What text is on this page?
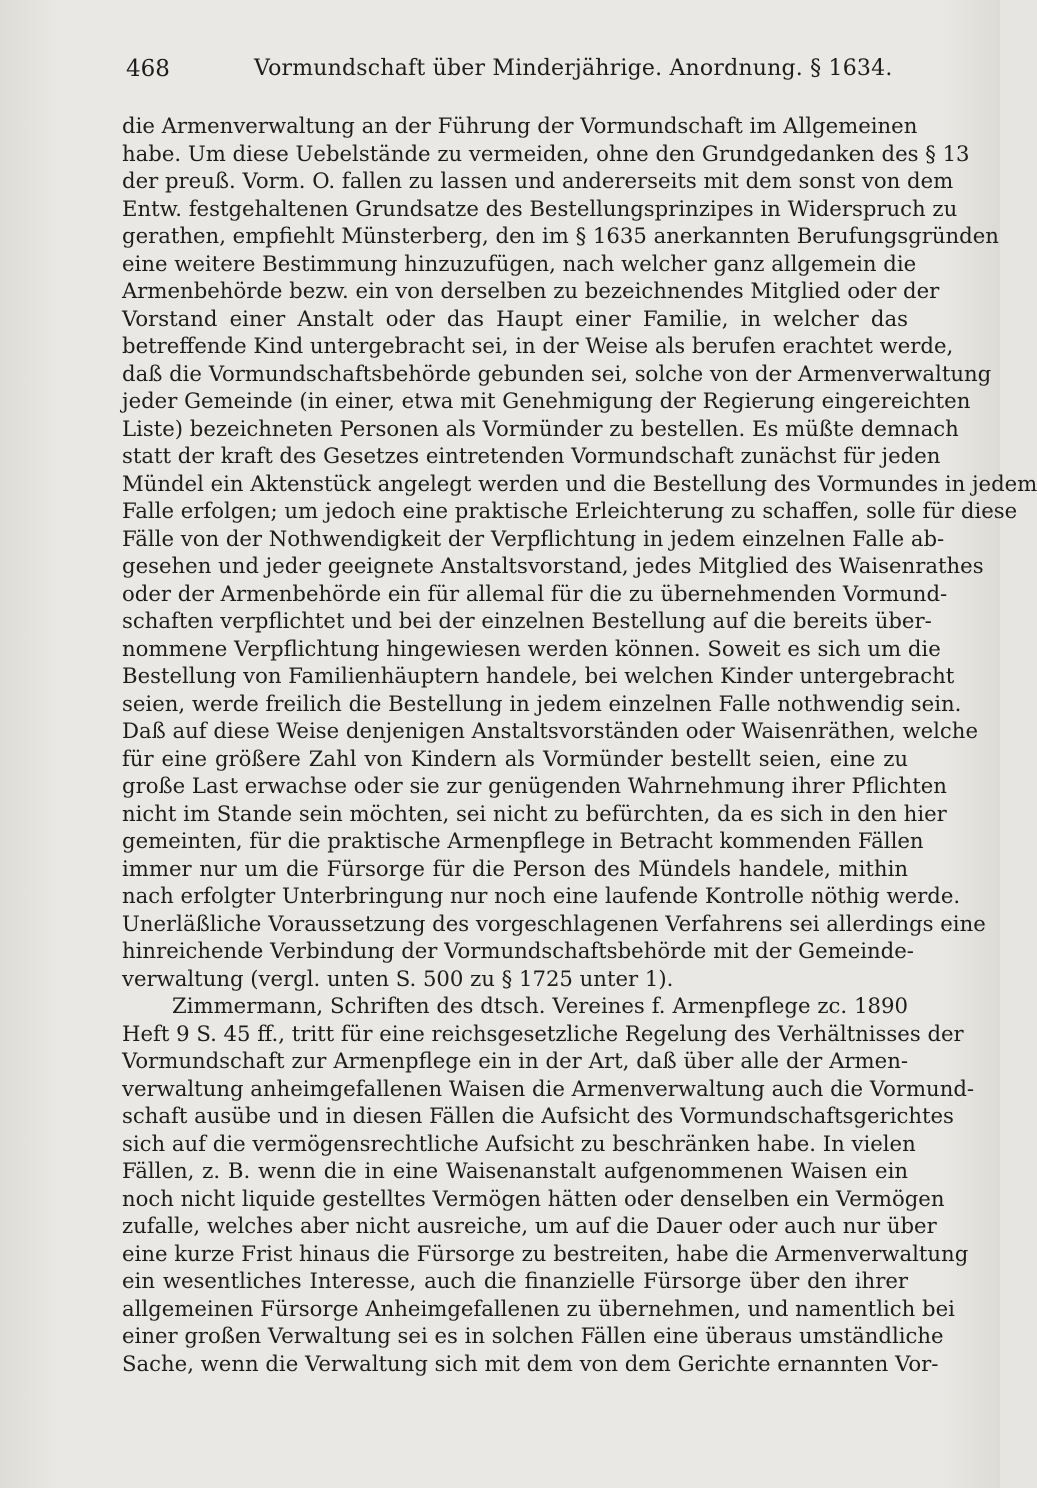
468	Vormundschaft über Minderjährige. Anordnung. § 1634.
die Armenverwaltung an der Führung der Vormundschaft im Allgemeinen
habe. Um diese Uebelstände zu vermeiden, ohne den Grundgedanken des § 13
der preuß. Vorm. O. fallen zu lassen und andererseits mit dem sonst von dem
Entw. festgehaltenen Grundsatze des Bestellungsprinzipes in Widerspruch zu
gerathen, empfiehlt Münsterberg, den im § 1635 anerkannten Berufungsgründen
eine weitere Bestimmung hinzuzufügen, nach welcher ganz allgemein die
Armenbehörde bezw. ein von derselben zu bezeichnendes Mitglied oder der
Vorstand einer Anstalt oder das Haupt einer Familie, in welcher das
betreffende Kind untergebracht sei, in der Weise als berufen erachtet werde,
daß die Vormundschaftsbehörde gebunden sei, solche von der Armenverwaltung
jeder Gemeinde (in einer, etwa mit Genehmigung der Regierung eingereichten
Liste) bezeichneten Personen als Vormünder zu bestellen. Es müßte demnach
statt der kraft des Gesetzes eintretenden Vormundschaft zunächst für jeden
Mündel ein Aktenstück angelegt werden und die Bestellung des Vormundes in jedem
Falle erfolgen; um jedoch eine praktische Erleichterung zu schaffen, solle für diese
Fälle von der Nothwendigkeit der Verpflichtung in jedem einzelnen Falle ab-
gesehen und jeder geeignete Anstaltsvorstand, jedes Mitglied des Waisenrathes
oder der Armenbehörde ein für allemal für die zu übernehmenden Vormund-
schaften verpflichtet und bei der einzelnen Bestellung auf die bereits über-
nommene Verpflichtung hingewiesen werden können. Soweit es sich um die
Bestellung von Familienhäuptern handele, bei welchen Kinder untergebracht
seien, werde freilich die Bestellung in jedem einzelnen Falle nothwendig sein.
Daß auf diese Weise denjenigen Anstaltsvorständen oder Waisenräthen, welche
für eine größere Zahl von Kindern als Vormünder bestellt seien, eine zu
große Last erwachse oder sie zur genügenden Wahrnehmung ihrer Pflichten
nicht im Stande sein möchten, sei nicht zu befürchten, da es sich in den hier
gemeinten, für die praktische Armenpflege in Betracht kommenden Fällen
immer nur um die Fürsorge für die Person des Mündels handele, mithin
nach erfolgter Unterbringung nur noch eine laufende Kontrolle nöthig werde.
Unerläßliche Voraussetzung des vorgeschlagenen Verfahrens sei allerdings eine
hinreichende Verbindung der Vormundschaftsbehörde mit der Gemeinde-
verwaltung (vergl. unten S. 500 zu § 1725 unter 1).
Zimmermann, Schriften des dtsch. Vereines f. Armenpflege zc. 1890
Heft 9 S. 45 ff., tritt für eine reichsgesetzliche Regelung des Verhältnisses der
Vormundschaft zur Armenpflege ein in der Art, daß über alle der Armen-
verwaltung anheimgefallenen Waisen die Armenverwaltung auch die Vormund-
schaft ausübe und in diesen Fällen die Aufsicht des Vormundschaftsgerichtes
sich auf die vermögensrechtliche Aufsicht zu beschränken habe. In vielen
Fällen, z. B. wenn die in eine Waisenanstalt aufgenommenen Waisen ein
noch nicht liquide gestelltes Vermögen hätten oder denselben ein Vermögen
zufalle, welches aber nicht ausreiche, um auf die Dauer oder auch nur über
eine kurze Frist hinaus die Fürsorge zu bestreiten, habe die Armenverwaltung
ein wesentliches Interesse, auch die finanzielle Fürsorge über den ihrer
allgemeinen Fürsorge Anheimgefallenen zu übernehmen, und namentlich bei
einer großen Verwaltung sei es in solchen Fällen eine überaus umständliche
Sache, wenn die Verwaltung sich mit dem von dem Gerichte ernannten Vor-
